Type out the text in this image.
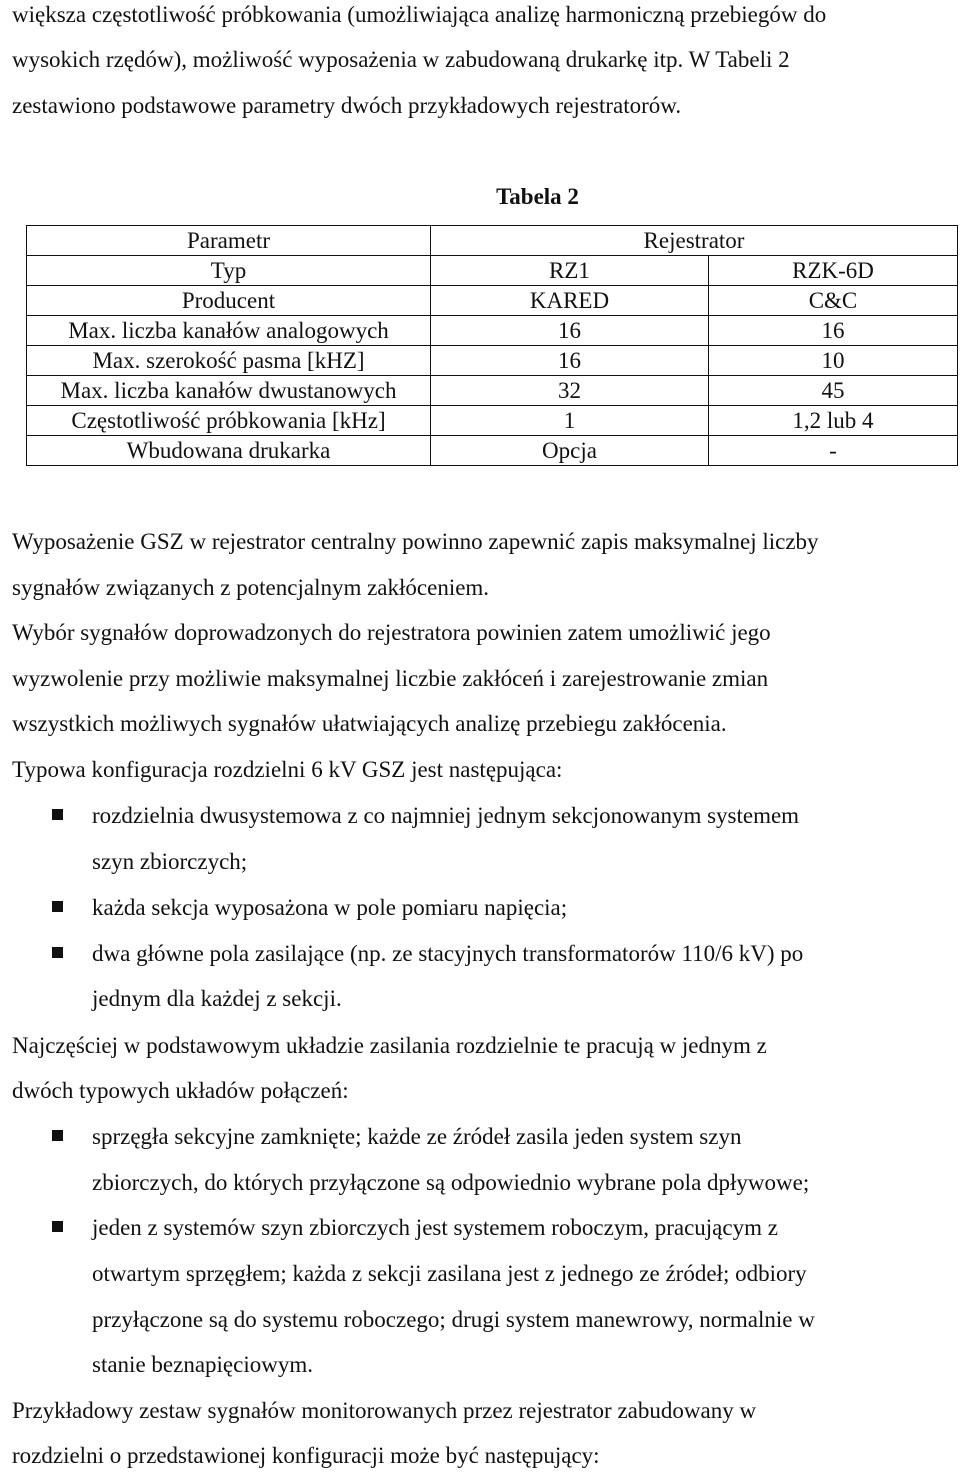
większa częstotliwość próbkowania (umożliwiająca analizę harmoniczną przebiegów do
wysokich rzędów), możliwość wyposażenia w zabudowaną drukarkę itp. W Tabeli 2
zestawiono podstawowe parametry dwóch przykładowych rejestratorów.
Tabela 2
Parametr	Rejestrator	
Typ	RZ1	RZK-6D
Producent	KARED	C&C
Max. liczba kanałów analogowych	16	16
Max. szerokość pasma [kHZ]	16	10
Max. liczba kanałów dwustanowych	32	45
Częstotliwość próbkowania [kHz]	1	1,2 lub 4
Wbudowana drukarka	Opcja	-
Wyposażenie GSZ w rejestrator centralny powinno zapewnić zapis maksymalnej liczby
sygnałów związanych z potencjalnym zakłóceniem.
Wybór sygnałów doprowadzonych do rejestratora powinien zatem umożliwić jego
wyzwolenie przy możliwie maksymalnej liczbie zakłóceń i zarejestrowanie zmian
wszystkich możliwych sygnałów ułatwiających analizę przebiegu zakłócenia.
Typowa konfiguracja rozdzielni 6 kV GSZ jest następująca:
rozdzielnia dwusystemowa z co najmniej jednym sekcjonowanym systemem
szyn zbiorczych;
każda sekcja wyposażona w pole pomiaru napięcia;
dwa główne pola zasilające (np. ze stacyjnych transformatorów 110/6 kV) po
jednym dla każdej z sekcji.
Najczęściej w podstawowym układzie zasilania rozdzielnie te pracują w jednym z
dwóch typowych układów połączeń:
sprzęgła sekcyjne zamknięte; każde ze źródeł zasila jeden system szyn
zbiorczych, do których przyłączone są odpowiednio wybrane pola dpływowe;
jeden z systemów szyn zbiorczych jest systemem roboczym, pracującym z
otwartym sprzęgłem; każda z sekcji zasilana jest z jednego ze źródeł; odbiory
przyłączone są do systemu roboczego; drugi system manewrowy, normalnie w
stanie beznapięciowym.
Przykładowy zestaw sygnałów monitorowanych przez rejestrator zabudowany w
rozdzielni o przedstawionej konfiguracji może być następujący:
